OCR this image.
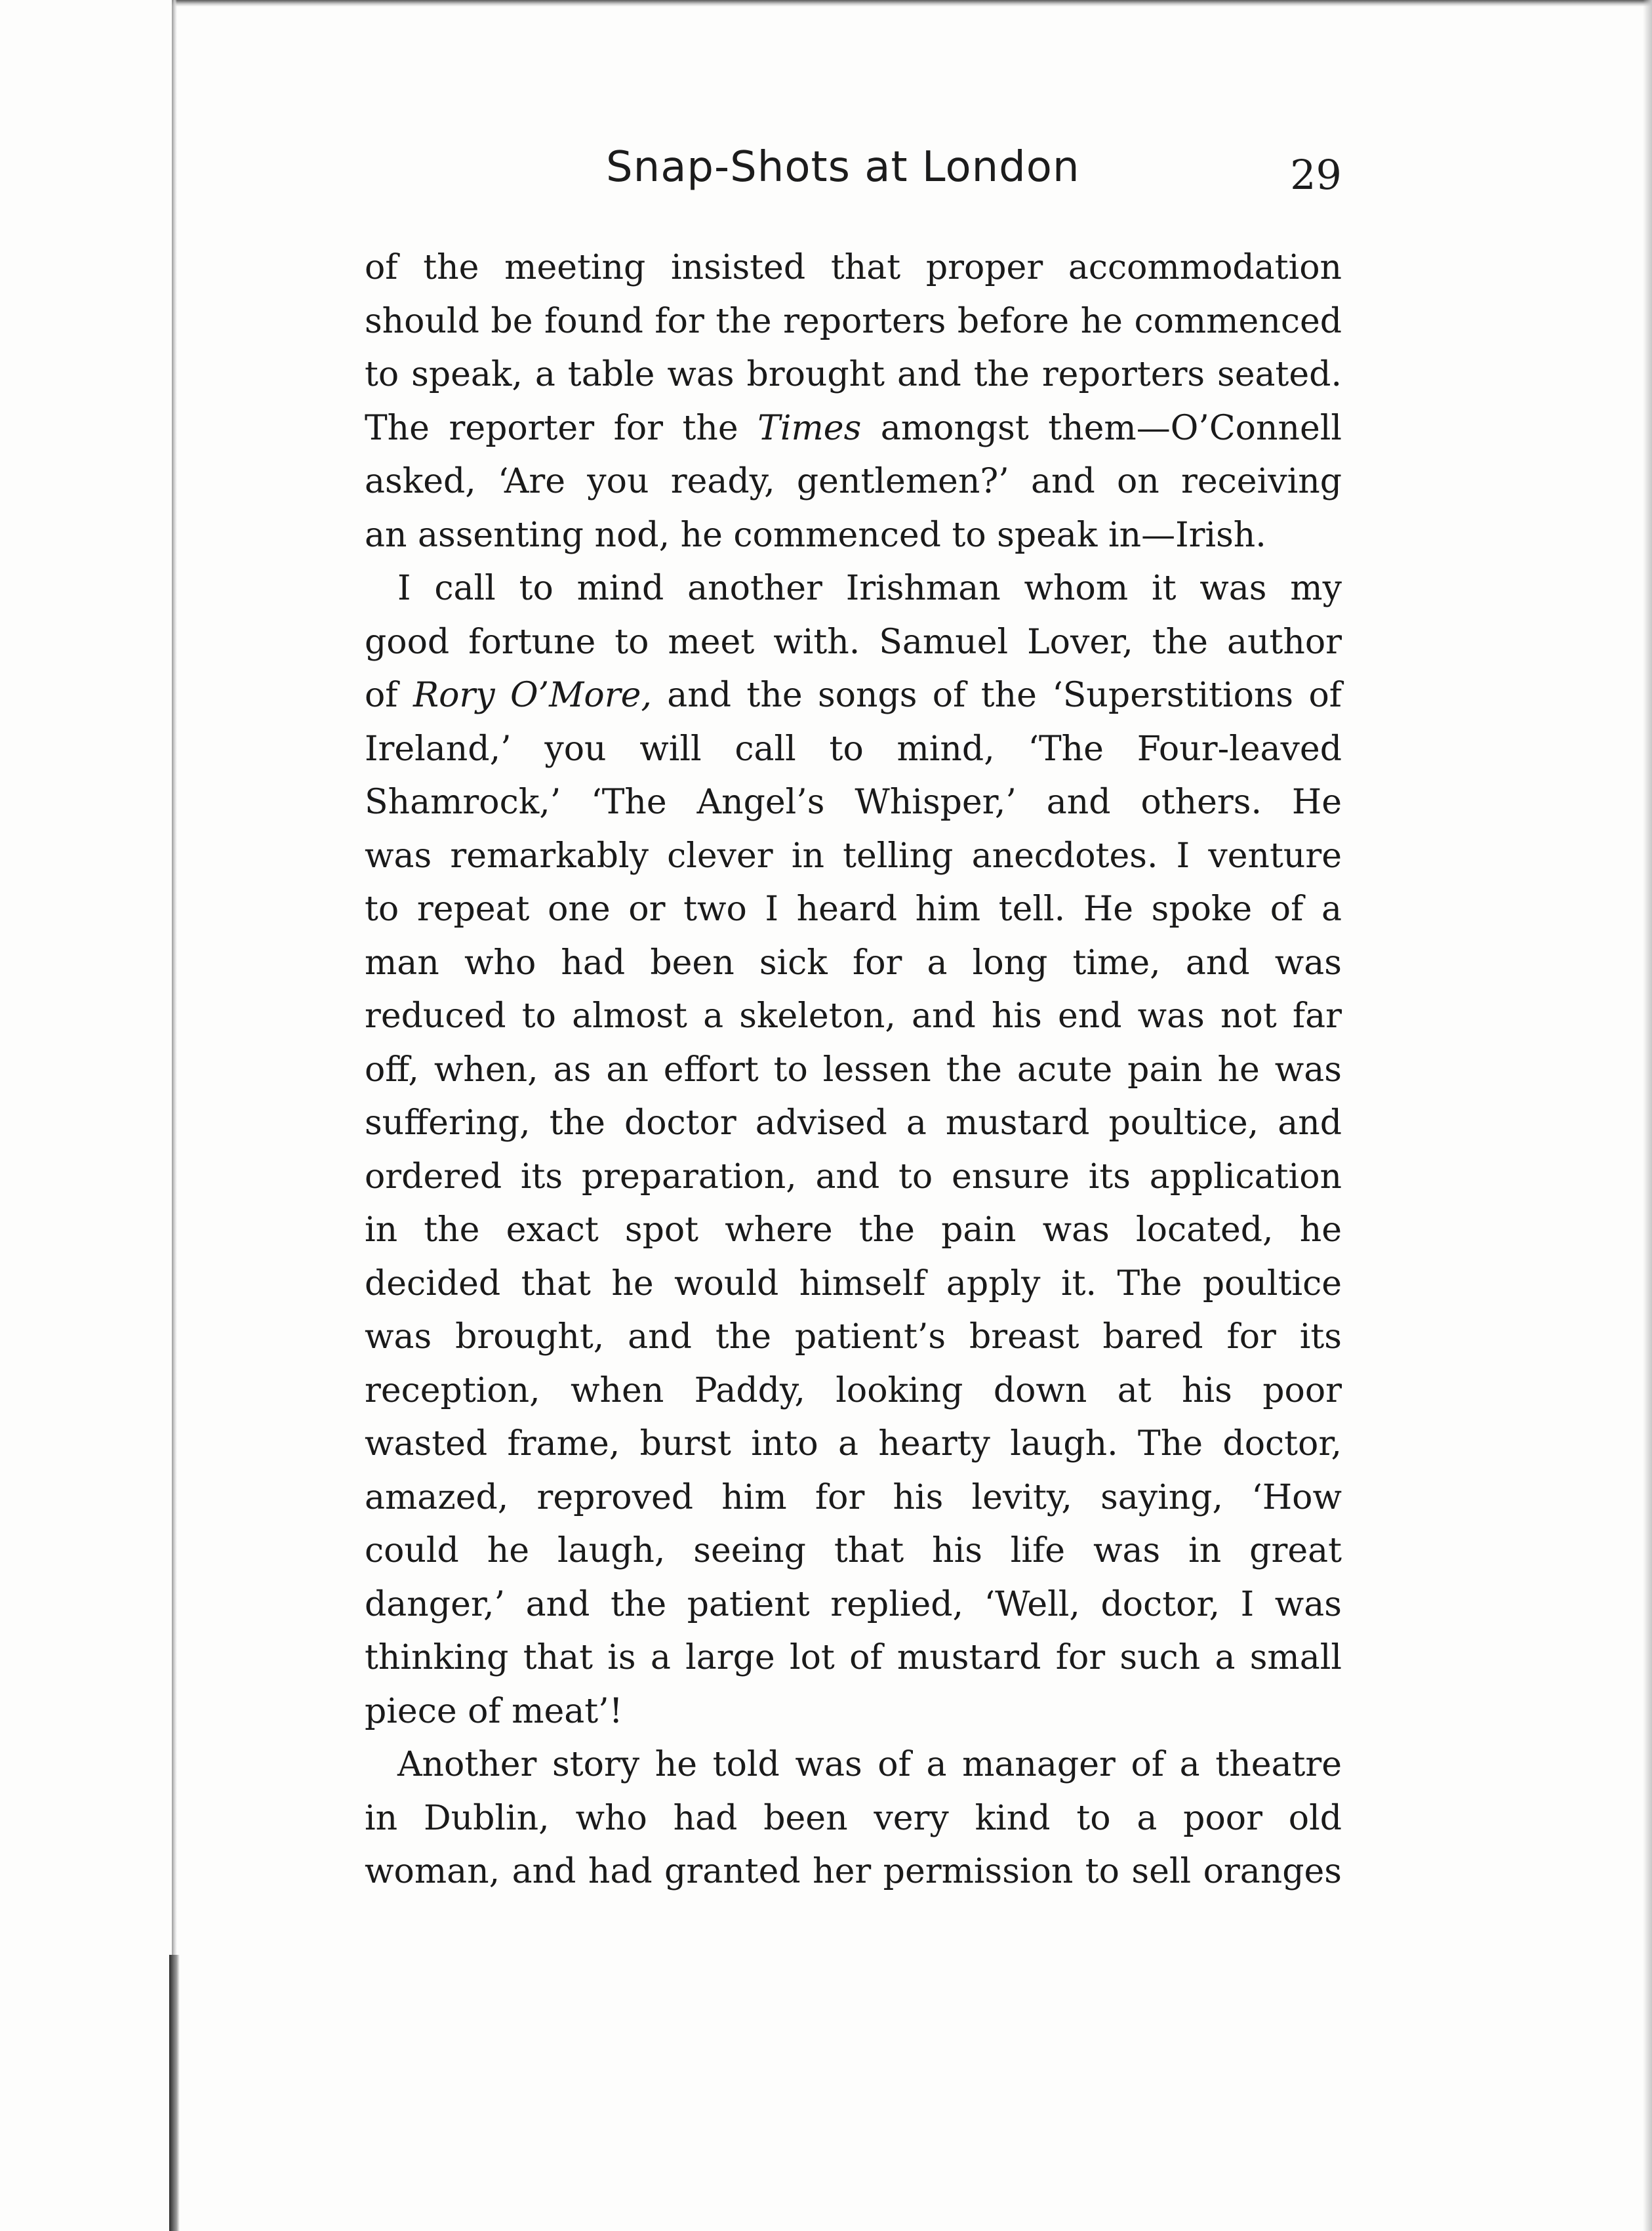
Snap-Shots at London	29
of the meeting insisted that proper accommodation
should be found for the reporters before he commenced
to speak, a table was brought and the reporters seated.
The reporter for the Times amongst them—O’Connell
asked, ‘Are you ready, gentlemen?’ and on receiving
an assenting nod, he commenced to speak in—Irish.
I call to mind another Irishman whom it was my
good fortune to meet with. Samuel Lover, the author
of Rory O’More, and the songs of the ‘Superstitions of
Ireland,’ you will call to mind, ‘The Four-leaved
Shamrock,’ ‘The Angel’s Whisper,’ and others. He
was remarkably clever in telling anecdotes. I venture
to repeat one or two I heard him tell. He spoke of a
man who had been sick for a long time, and was
reduced to almost a skeleton, and his end was not far
off, when, as an effort to lessen the acute pain he was
suffering, the doctor advised a mustard poultice, and
ordered its preparation, and to ensure its application
in the exact spot where the pain was located, he
decided that he would himself apply it. The poultice
was brought, and the patient’s breast bared for its
reception, when Paddy, looking down at his poor
wasted frame, burst into a hearty laugh. The doctor,
amazed, reproved him for his levity, saying, ‘How
could he laugh, seeing that his life was in great
danger,’ and the patient replied, ‘Well, doctor, I was
thinking that is a large lot of mustard for such a small
piece of meat’!
Another story he told was of a manager of a theatre
in Dublin, who had been very kind to a poor old
woman, and had granted her permission to sell oranges
